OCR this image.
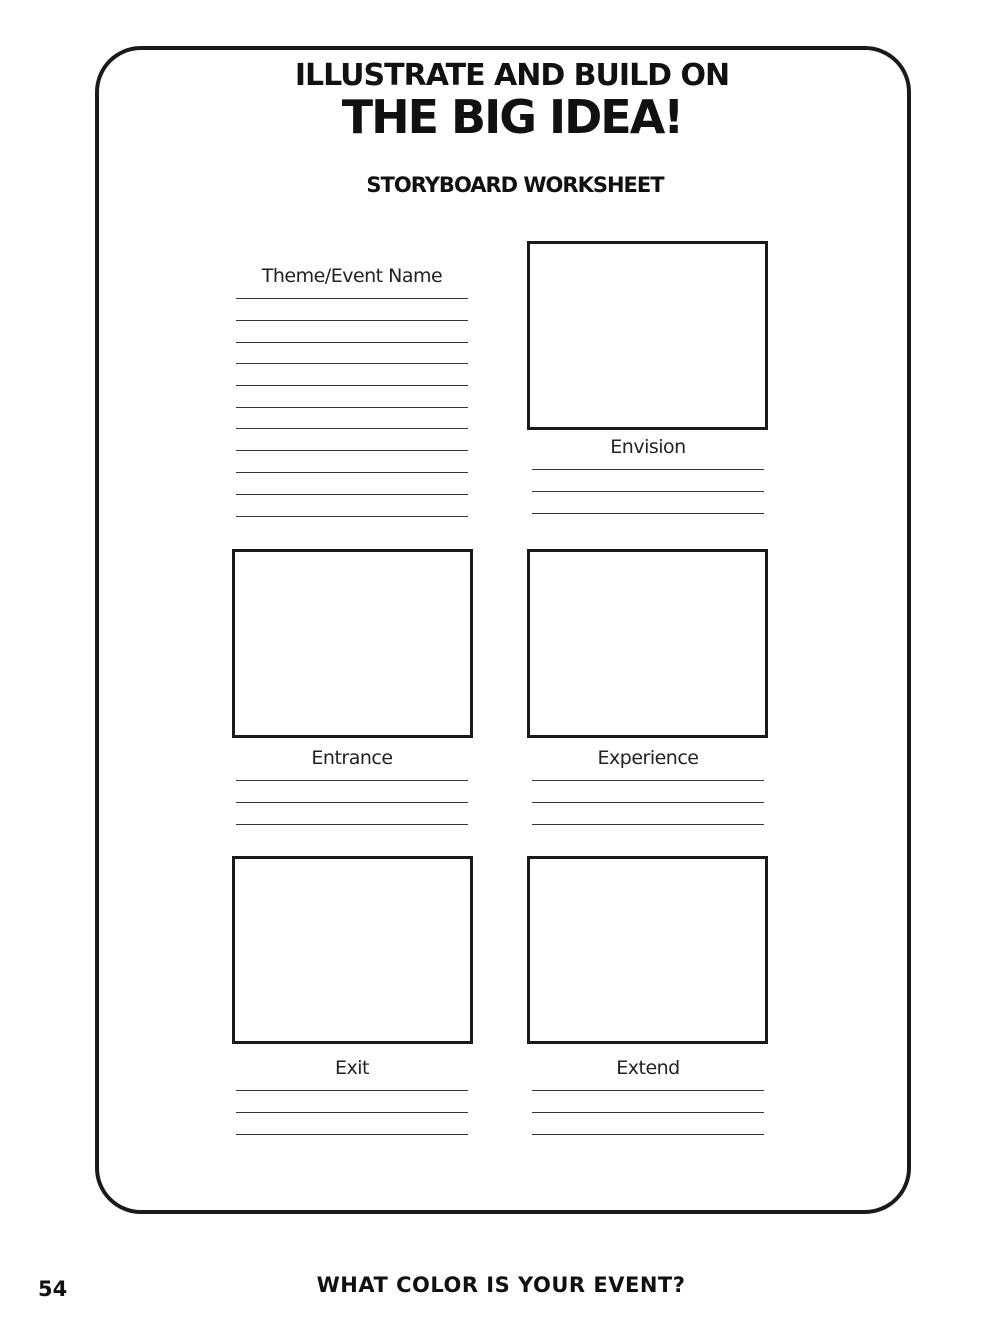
ILLUSTRATE AND BUILD ON
THE BIG IDEA!
STORYBOARD WORKSHEET
Theme/Event Name
Envision
Entrance	Experience
Exit	Extend
54	WHAT COLOR IS YOUR EVENT?
